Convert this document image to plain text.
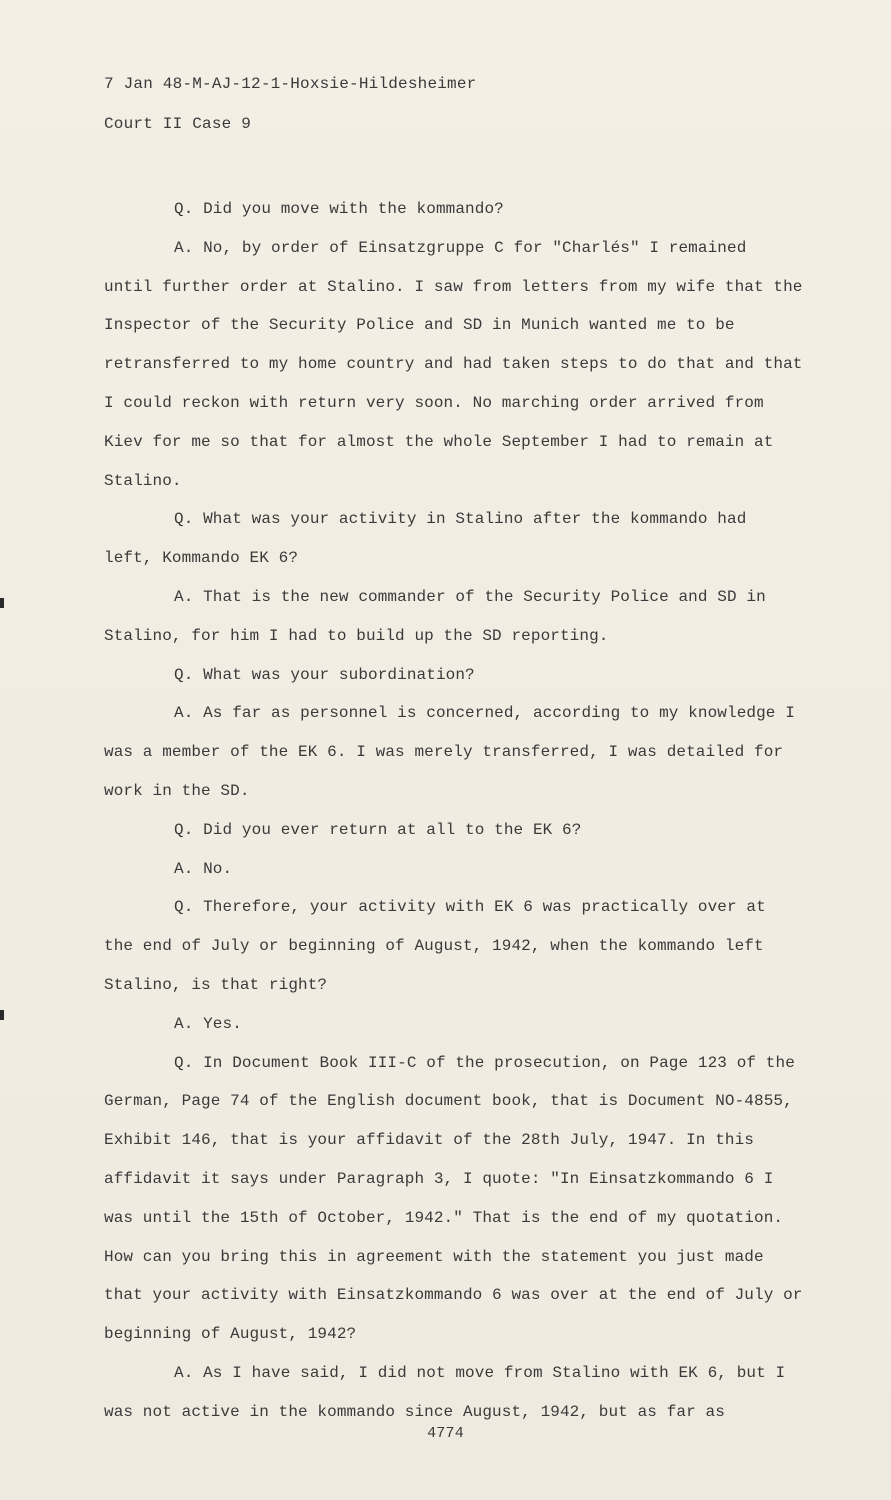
7 Jan 48-M-AJ-12-1-Hoxsie-Hildesheimer
Court II Case 9

Q. Did you move with the kommando?

A. No, by order of Einsatzgruppe C for "Charlés" I remained until further order at Stalino. I saw from letters from my wife that the Inspector of the Security Police and SD in Munich wanted me to be retransferred to my home country and had taken steps to do that and that I could reckon with return very soon. No marching order arrived from Kiev for me so that for almost the whole September I had to remain at Stalino.

Q. What was your activity in Stalino after the kommando had left, Kommando EK 6?

A. That is the new commander of the Security Police and SD in Stalino, for him I had to build up the SD reporting.

Q. What was your subordination?

A. As far as personnel is concerned, according to my knowledge I was a member of the EK 6. I was merely transferred, I was detailed for work in the SD.

Q. Did you ever return at all to the EK 6?

A. No.

Q. Therefore, your activity with EK 6 was practically over at the end of July or beginning of August, 1942, when the kommando left Stalino, is that right?

A. Yes.

Q. In Document Book III-C of the prosecution, on Page 123 of the German, Page 74 of the English document book, that is Document NO-4855, Exhibit 146, that is your affidavit of the 28th July, 1947. In this affidavit it says under Paragraph 3, I quote: "In Einsatzkommando 6 I was until the 15th of October, 1942." That is the end of my quotation. How can you bring this in agreement with the statement you just made that your activity with Einsatzkommando 6 was over at the end of July or beginning of August, 1942?

A. As I have said, I did not move from Stalino with EK 6, but I was not active in the kommando since August, 1942, but as far as

4774
